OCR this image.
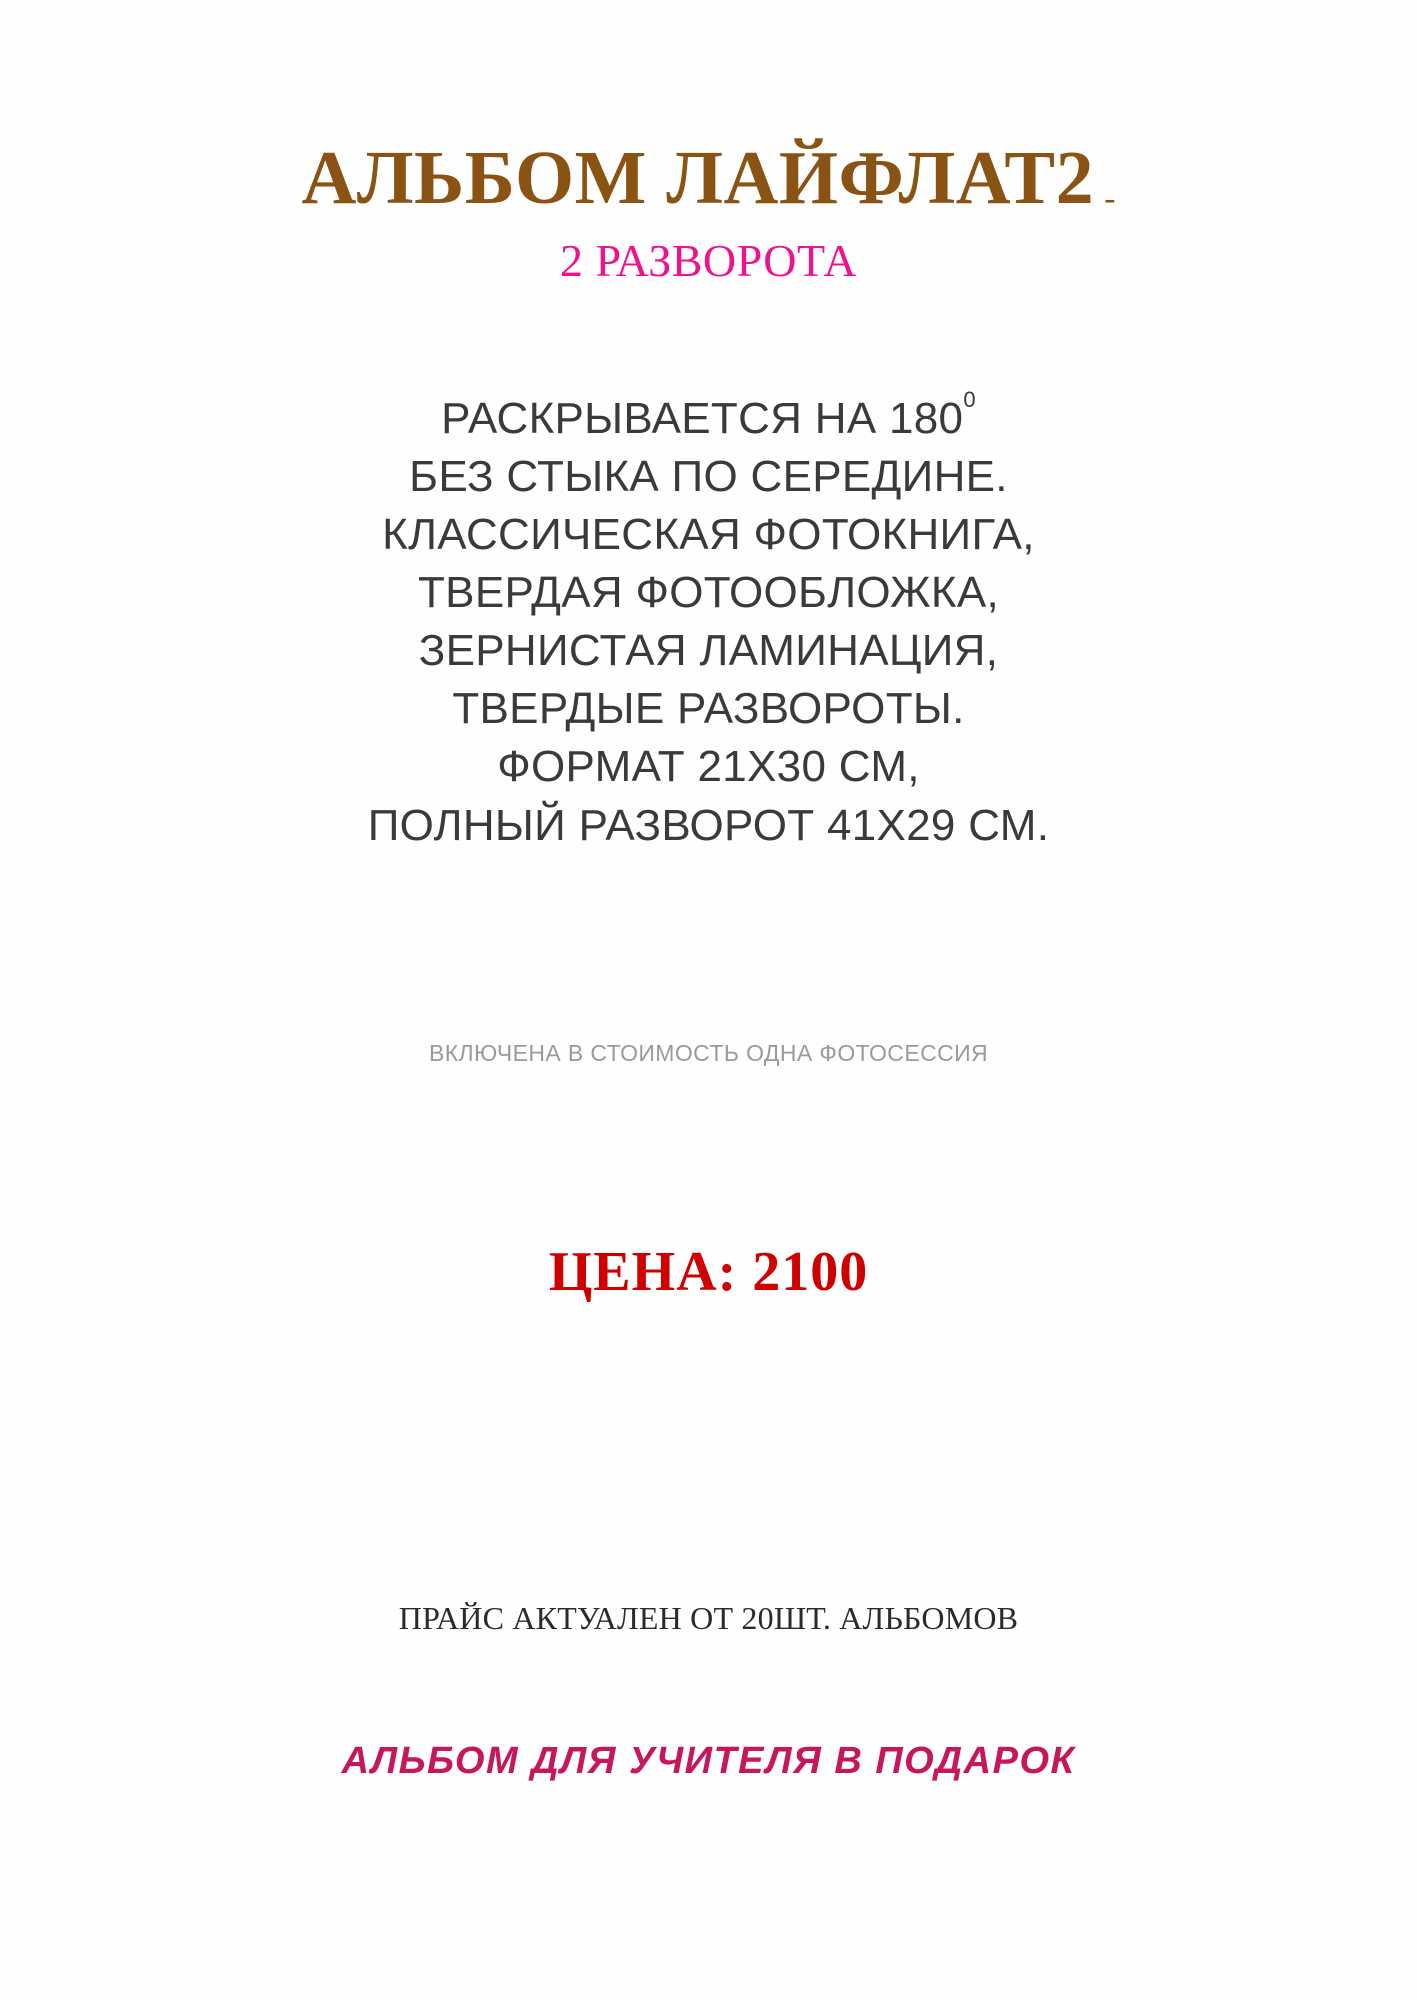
АЛЬБОМ ЛАЙФЛАТ2 -
2 РАЗВОРОТА
РАСКРЫВАЕТСЯ НА $180^0$
БЕЗ СТЫКА ПО СЕРЕДИНЕ.
КЛАССИЧЕСКАЯ ФОТОКНИГА,
ТВЕРДАЯ ФОТООБЛОЖКА,
ЗЕРНИСТАЯ ЛАМИНАЦИЯ,
ТВЕРДЫЕ РАЗВОРОТЫ.
ФОРМАТ 21Х30 СМ,
ПОЛНЫЙ РАЗВОРОТ 41Х29 СМ.
ВКЛЮЧЕНА В СТОИМОСТЬ ОДНА ФОТОСЕССИЯ
ЦЕНА: 2100
ПРАЙС АКТУАЛЕН ОТ 20ШТ. АЛЬБОМОВ
АЛЬБОМ ДЛЯ УЧИТЕЛЯ В ПОДАРОК
